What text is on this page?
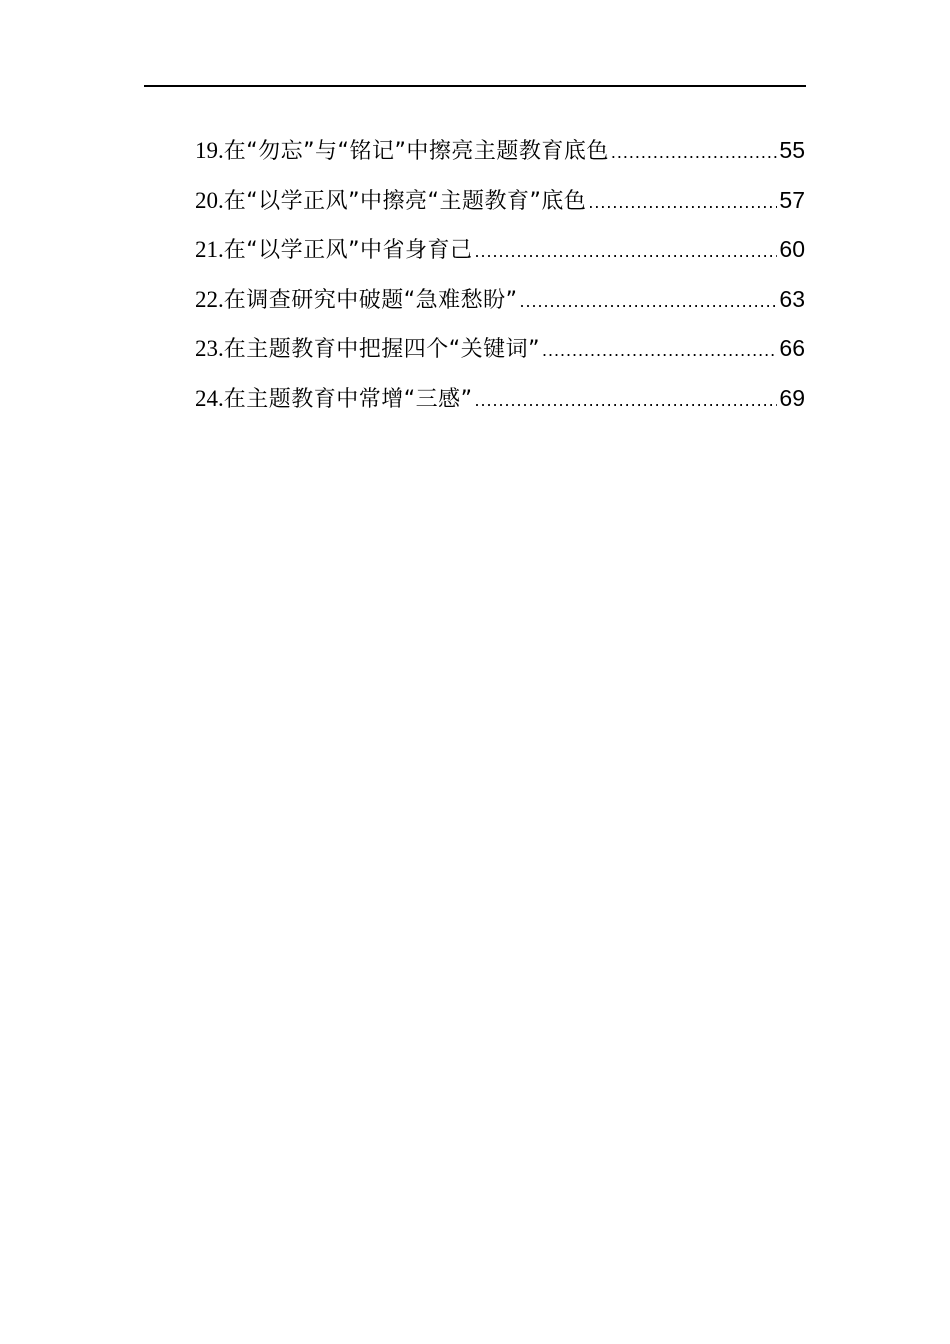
19. 在“勿忘”与“铭记”中擦亮主题教育底色 .....	55
20. 在“以学正风”中擦亮“主题教育”底色 .....	57
21. 在“以学正风”中省身育己 .....	60
22. 在调查研究中破题“急难愁盼” .....	63
23. 在主题教育中把握四个“关键词” .....	66
24. 在主题教育中常增“三感” .....	69
